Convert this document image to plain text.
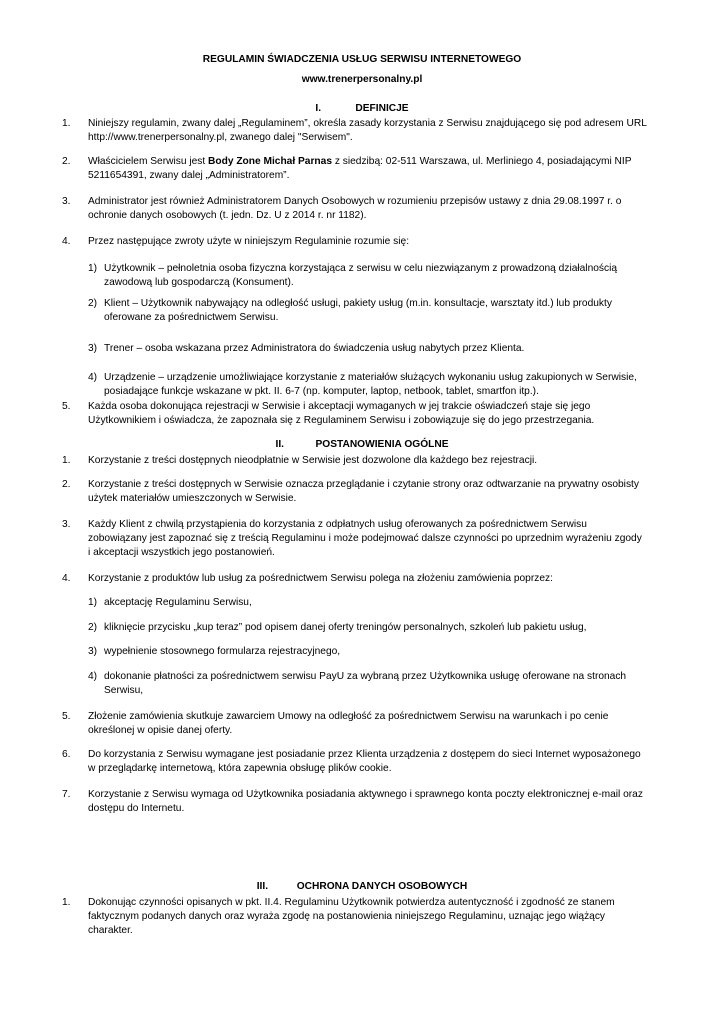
REGULAMIN ŚWIADCZENIA USŁUG SERWISU INTERNETOWEGO
www.trenerpersonalny.pl
I.	DEFINICJE
1. Niniejszy regulamin, zwany dalej „Regulaminem”, określa zasady korzystania z Serwisu znajdującego się pod adresem URL
http://www.trenerpersonalny.pl, zwanego dalej "Serwisem".
2. Właścicielem Serwisu jest Body Zone Michał Parnas z siedzibą: 02-511 Warszawa, ul. Merliniego 4, posiadającymi NIP
5211654391, zwany dalej „Administratorem”.
3. Administrator jest również Administratorem Danych Osobowych w rozumieniu przepisów ustawy z dnia 29.08.1997 r. o
ochronie danych osobowych (t. jedn. Dz. U z 2014 r. nr 1182).
4. Przez następujące zwroty użyte w niniejszym Regulaminie rozumie się:
1) Użytkownik – pełnoletnia osoba fizyczna korzystająca z serwisu w celu niezwiązanym z prowadzoną działalnością
zawodową lub gospodarczą (Konsument).
2) Klient – Użytkownik nabywający na odległość usługi, pakiety usług (m.in. konsultacje, warsztaty itd.) lub produkty
oferowane za pośrednictwem Serwisu.
3) Trener – osoba wskazana przez Administratora do świadczenia usług nabytych przez Klienta.
4) Urządzenie – urządzenie umożliwiające korzystanie z materiałów służących wykonaniu usług zakupionych w Serwisie,
posiadające funkcje wskazane w pkt. II. 6-7 (np. komputer, laptop, netbook, tablet, smartfon itp.).
5. Każda osoba dokonująca rejestracji w Serwisie i akceptacji wymaganych w jej trakcie oświadczeń staje się jego
Użytkownikiem i oświadcza, że zapoznała się z Regulaminem Serwisu i zobowiązuje się do jego przestrzegania.
II.	POSTANOWIENIA OGÓLNE
1. Korzystanie z treści dostępnych nieodpłatnie w Serwisie jest dozwolone dla każdego bez rejestracji.
2. Korzystanie z treści dostępnych w Serwisie oznacza przeglądanie i czytanie strony oraz odtwarzanie na prywatny osobisty
użytek materiałów umieszczonych w Serwisie.
3. Każdy Klient z chwilą przystąpienia do korzystania z odpłatnych usług oferowanych za pośrednictwem Serwisu
zobowiązany jest zapoznać się z treścią Regulaminu i może podejmować dalsze czynności po uprzednim wyrażeniu zgody
i akceptacji wszystkich jego postanowień.
4. Korzystanie z produktów lub usług za pośrednictwem Serwisu polega na złożeniu zamówienia poprzez:
1) akceptację Regulaminu Serwisu,
2) kliknięcie przycisku „kup teraz” pod opisem danej oferty treningów personalnych, szkoleń lub pakietu usług,
3) wypełnienie stosownego formularza rejestracyjnego,
4) dokonanie płatności za pośrednictwem serwisu PayU za wybraną przez Użytkownika usługę oferowane na stronach
Serwisu,
5. Złożenie zamówienia skutkuje zawarciem Umowy na odległość za pośrednictwem Serwisu na warunkach i po cenie
określonej w opisie danej oferty.
6. Do korzystania z Serwisu wymagane jest posiadanie przez Klienta urządzenia z dostępem do sieci Internet wyposażonego
w przeglądarkę internetową, która zapewnia obsługę plików cookie.
7. Korzystanie z Serwisu wymaga od Użytkownika posiadania aktywnego i sprawnego konta poczty elektronicznej e-mail oraz
dostępu do Internetu.
III.	OCHRONA DANYCH OSOBOWYCH
1. Dokonując czynności opisanych w pkt. II.4. Regulaminu Użytkownik potwierdza autentyczność i zgodność ze stanem
faktycznym podanych danych oraz wyraża zgodę na postanowienia niniejszego Regulaminu, uznając jego wiążący
charakter.
